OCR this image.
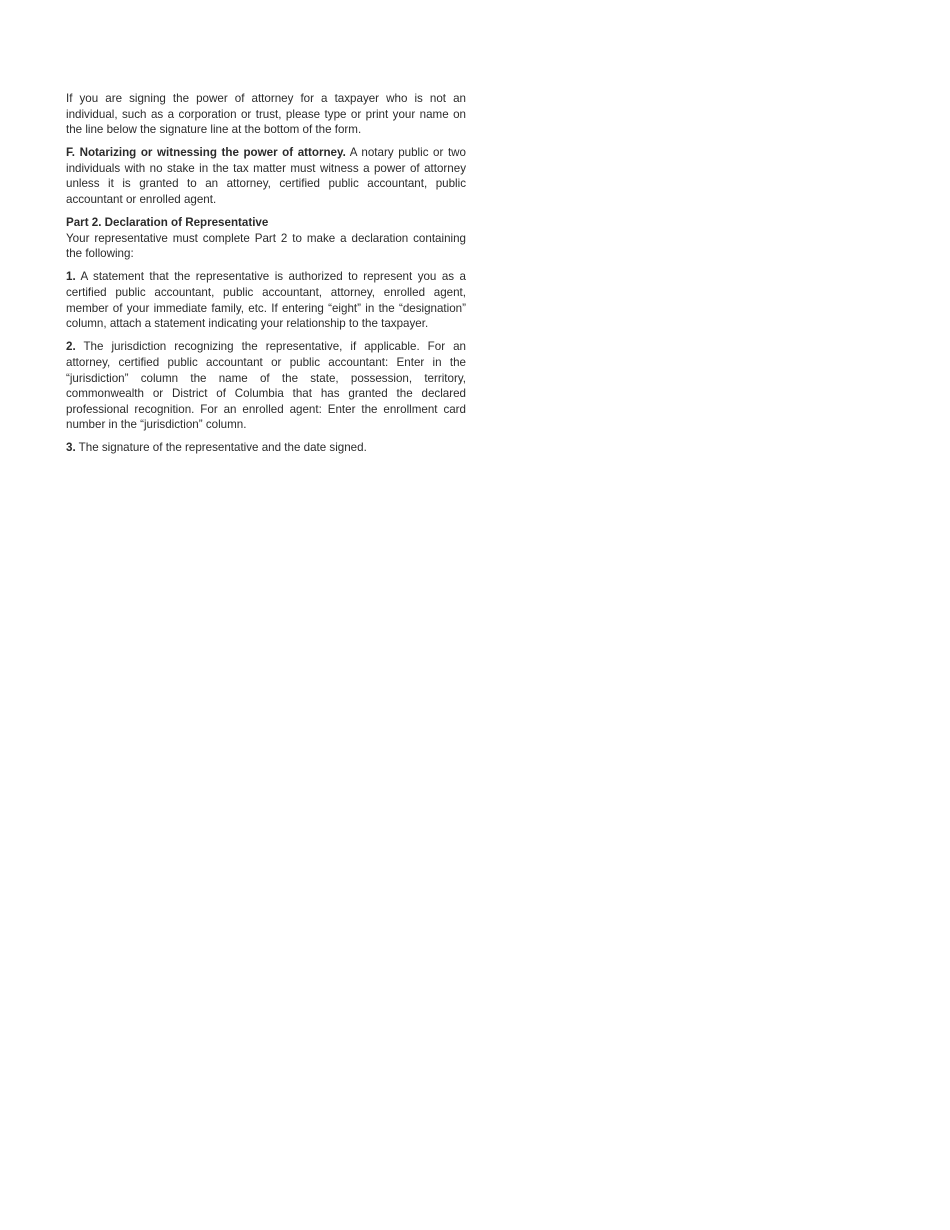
If you are signing the power of attorney for a taxpayer who is not an individual, such as a corporation or trust, please type or print your name on the line below the signature line at the bottom of the form.

F. Notarizing or witnessing the power of attorney. A notary public or two individuals with no stake in the tax matter must witness a power of attorney unless it is granted to an attorney, certified public accountant, public accountant or enrolled agent.

Part 2. Declaration of Representative
Your representative must complete Part 2 to make a declaration containing the following:

1. A statement that the representative is authorized to represent you as a certified public accountant, public accountant, attorney, enrolled agent, member of your immediate family, etc. If entering “eight” in the “designation” column, attach a statement indicating your relationship to the taxpayer.

2. The jurisdiction recognizing the representative, if applicable. For an attorney, certified public accountant or public accountant: Enter in the “jurisdiction” column the name of the state, possession, territory, commonwealth or District of Columbia that has granted the declared professional recognition. For an enrolled agent: Enter the enrollment card number in the “jurisdiction” column.

3. The signature of the representative and the date signed.
